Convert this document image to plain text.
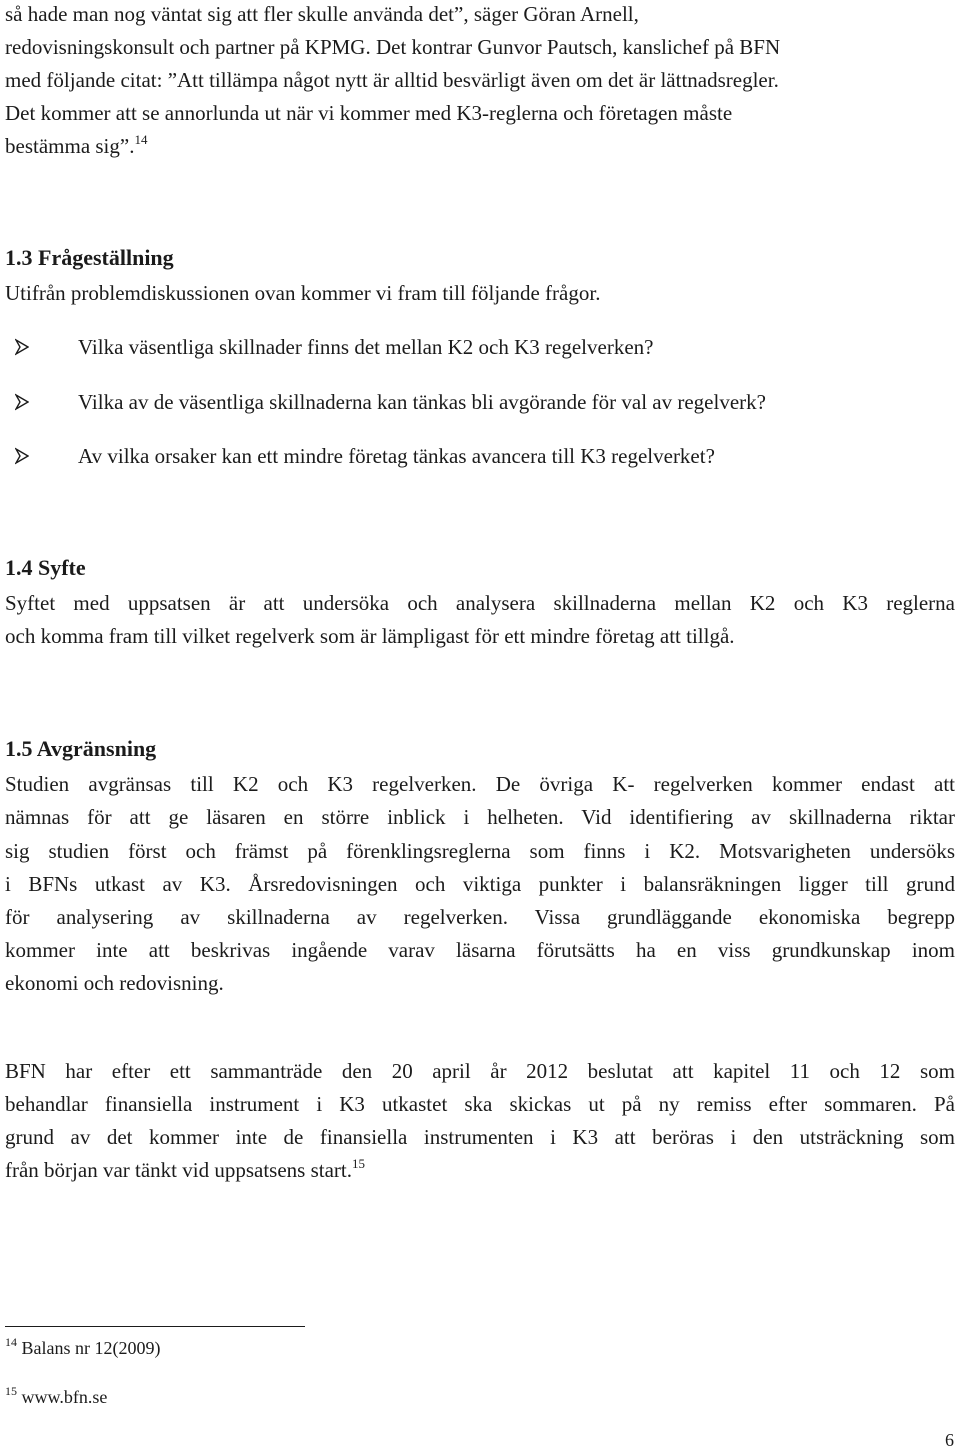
så hade man nog väntat sig att fler skulle använda det”, säger Göran Arnell,
redovisningskonsult och partner på KPMG. Det kontrar Gunvor Pautsch, kanslichef på BFN
med följande citat: ”Att tillämpa något nytt är alltid besvärligt även om det är lättnadsregler.
Det kommer att se annorlunda ut när vi kommer med K3-reglerna och företagen måste
bestämma sig”.$^{14}$
1.3 Frågeställning
Utifrån problemdiskussionen ovan kommer vi fram till följande frågor.
Vilka väsentliga skillnader finns det mellan K2 och K3 regelverken?
Vilka av de väsentliga skillnaderna kan tänkas bli avgörande för val av regelverk?
Av vilka orsaker kan ett mindre företag tänkas avancera till K3 regelverket?
1.4 Syfte
Syftet med uppsatsen är att undersöka och analysera skillnaderna mellan K2 och K3 reglerna
och komma fram till vilket regelverk som är lämpligast för ett mindre företag att tillgå.
1.5 Avgränsning
Studien avgränsas till K2 och K3 regelverken. De övriga K- regelverken kommer endast att
nämnas för att ge läsaren en större inblick i helheten. Vid identifiering av skillnaderna riktar
sig studien först och främst på förenklingsreglerna som finns i K2. Motsvarigheten undersöks
i BFNs utkast av K3. Årsredovisningen och viktiga punkter i balansräkningen ligger till grund
för analysering av skillnaderna av regelverken. Vissa grundläggande ekonomiska begrepp
kommer inte att beskrivas ingående varav läsarna förutsätts ha en viss grundkunskap inom
ekonomi och redovisning.
BFN har efter ett sammanträde den 20 april år 2012 beslutat att kapitel 11 och 12 som
behandlar finansiella instrument i K3 utkastet ska skickas ut på ny remiss efter sommaren. På
grund av det kommer inte de finansiella instrumenten i K3 att beröras i den utsträckning som
från början var tänkt vid uppsatsens start.$^{15}$
$^{14}$ Balans nr 12(2009)
$^{15}$ www.bfn.se
6
